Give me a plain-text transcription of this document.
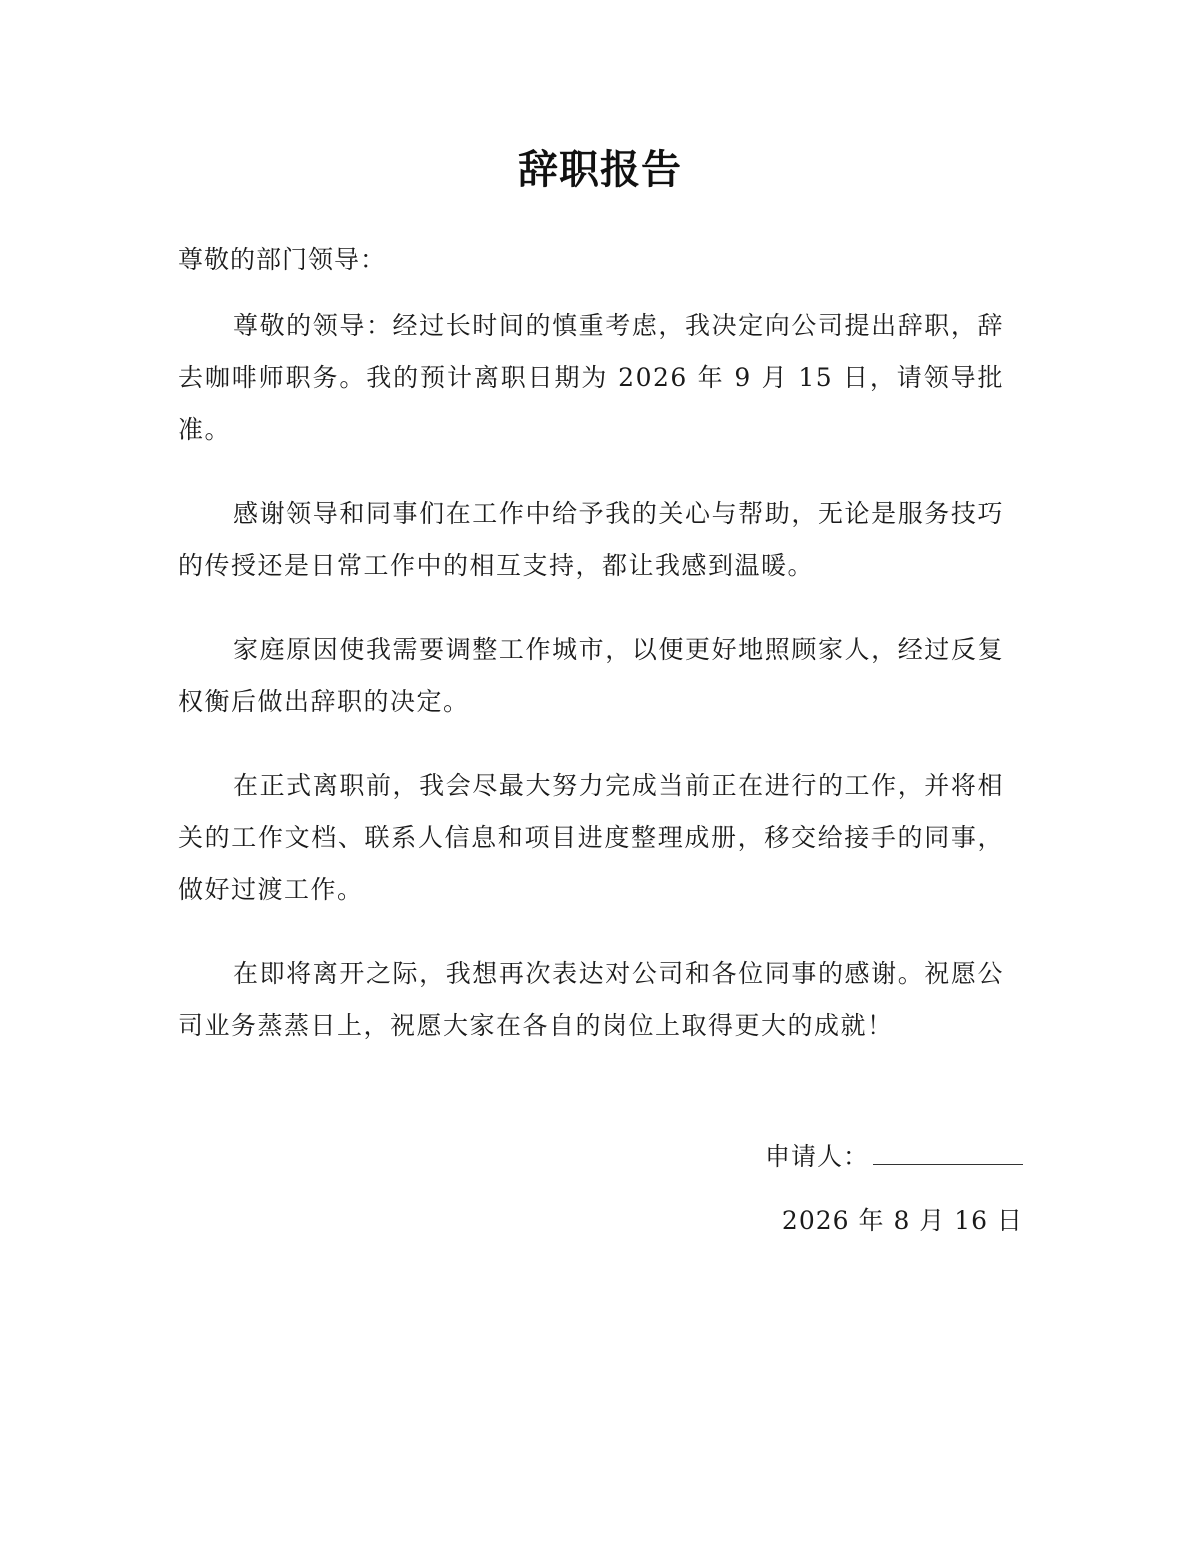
辞职报告
尊敬的部门领导：

尊敬的领导：经过长时间的慎重考虑，我决定向公司提出辞职，辞去咖啡师职务。我的预计离职日期为 2026 年 9 月 15 日，请领导批准。

感谢领导和同事们在工作中给予我的关心与帮助，无论是服务技巧的传授还是日常工作中的相互支持，都让我感到温暖。

家庭原因使我需要调整工作城市，以便更好地照顾家人，经过反复权衡后做出辞职的决定。

在正式离职前，我会尽最大努力完成当前正在进行的工作，并将相关的工作文档、联系人信息和项目进度整理成册，移交给接手的同事，做好过渡工作。

在即将离开之际，我想再次表达对公司和各位同事的感谢。祝愿公司业务蒸蒸日上，祝愿大家在各自的岗位上取得更大的成就！

申请人：
2026 年 8 月 16 日
